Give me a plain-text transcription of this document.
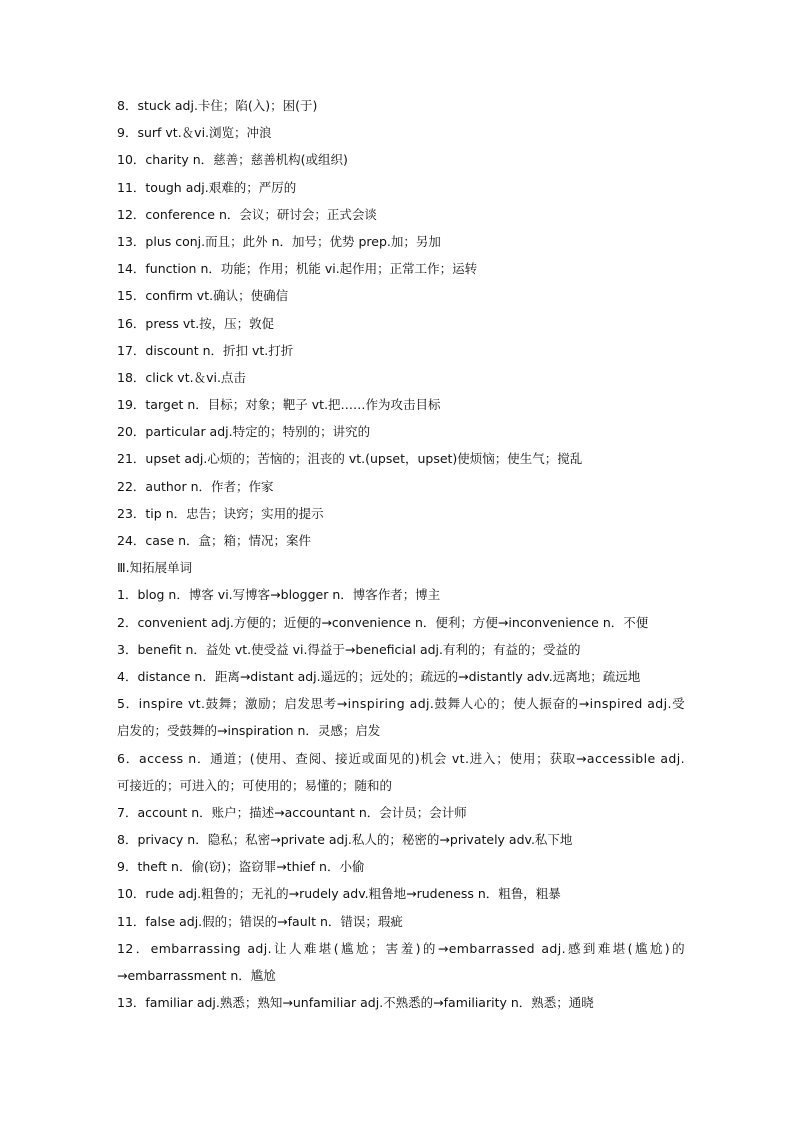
8．stuck adj.卡住；陷(入)；困(于)
9．surf vt.＆vi.浏览；冲浪
10．charity n．慈善；慈善机构(或组织)
11．tough adj.艰难的；严厉的
12．conference n．会议；研讨会；正式会谈
13．plus conj.而且；此外 n．加号；优势 prep.加；另加
14．function n．功能；作用；机能 vi.起作用；正常工作；运转
15．confirm vt.确认；使确信
16．press vt.按，压；敦促
17．discount n．折扣 vt.打折
18．click vt.＆vi.点击
19．target n．目标；对象；靶子 vt.把……作为攻击目标
20．particular adj.特定的；特别的；讲究的
21．upset adj.心烦的；苦恼的；沮丧的 vt.(upset，upset)使烦恼；使生气；搅乱
22．author n．作者；作家
23．tip n．忠告；诀窍；实用的提示
24．case n．盒；箱；情况；案件
Ⅲ.知拓展单词
1．blog n．博客 vi.写博客→blogger n．博客作者；博主
2．convenient adj.方便的；近便的→convenience n．便利；方便→inconvenience n．不便
3．benefit n．益处 vt.使受益 vi.得益于→beneficial adj.有利的；有益的；受益的
4．distance n．距离→distant adj.遥远的；远处的；疏远的→distantly adv.远离地；疏远地
5．inspire vt.鼓舞；激励；启发思考→inspiring adj.鼓舞人心的；使人振奋的→inspired adj.受
启发的；受鼓舞的→inspiration n．灵感；启发
6．access n．通道；(使用、查阅、接近或面见的)机会 vt.进入；使用；获取→accessible adj.
可接近的；可进入的；可使用的；易懂的；随和的
7．account n．账户；描述→accountant n．会计员；会计师
8．privacy n．隐私；私密→private adj.私人的；秘密的→privately adv.私下地
9．theft n．偷(窃)；盗窃罪→thief n．小偷
10．rude adj.粗鲁的；无礼的→rudely adv.粗鲁地→rudeness n．粗鲁，粗暴
11．false adj.假的；错误的→fault n．错误；瑕疵
12．embarrassing adj.让人难堪(尴尬；害羞)的→embarrassed adj.感到难堪(尴尬)的
→embarrassment n．尴尬
13．familiar adj.熟悉；熟知→unfamiliar adj.不熟悉的→familiarity n．熟悉；通晓
